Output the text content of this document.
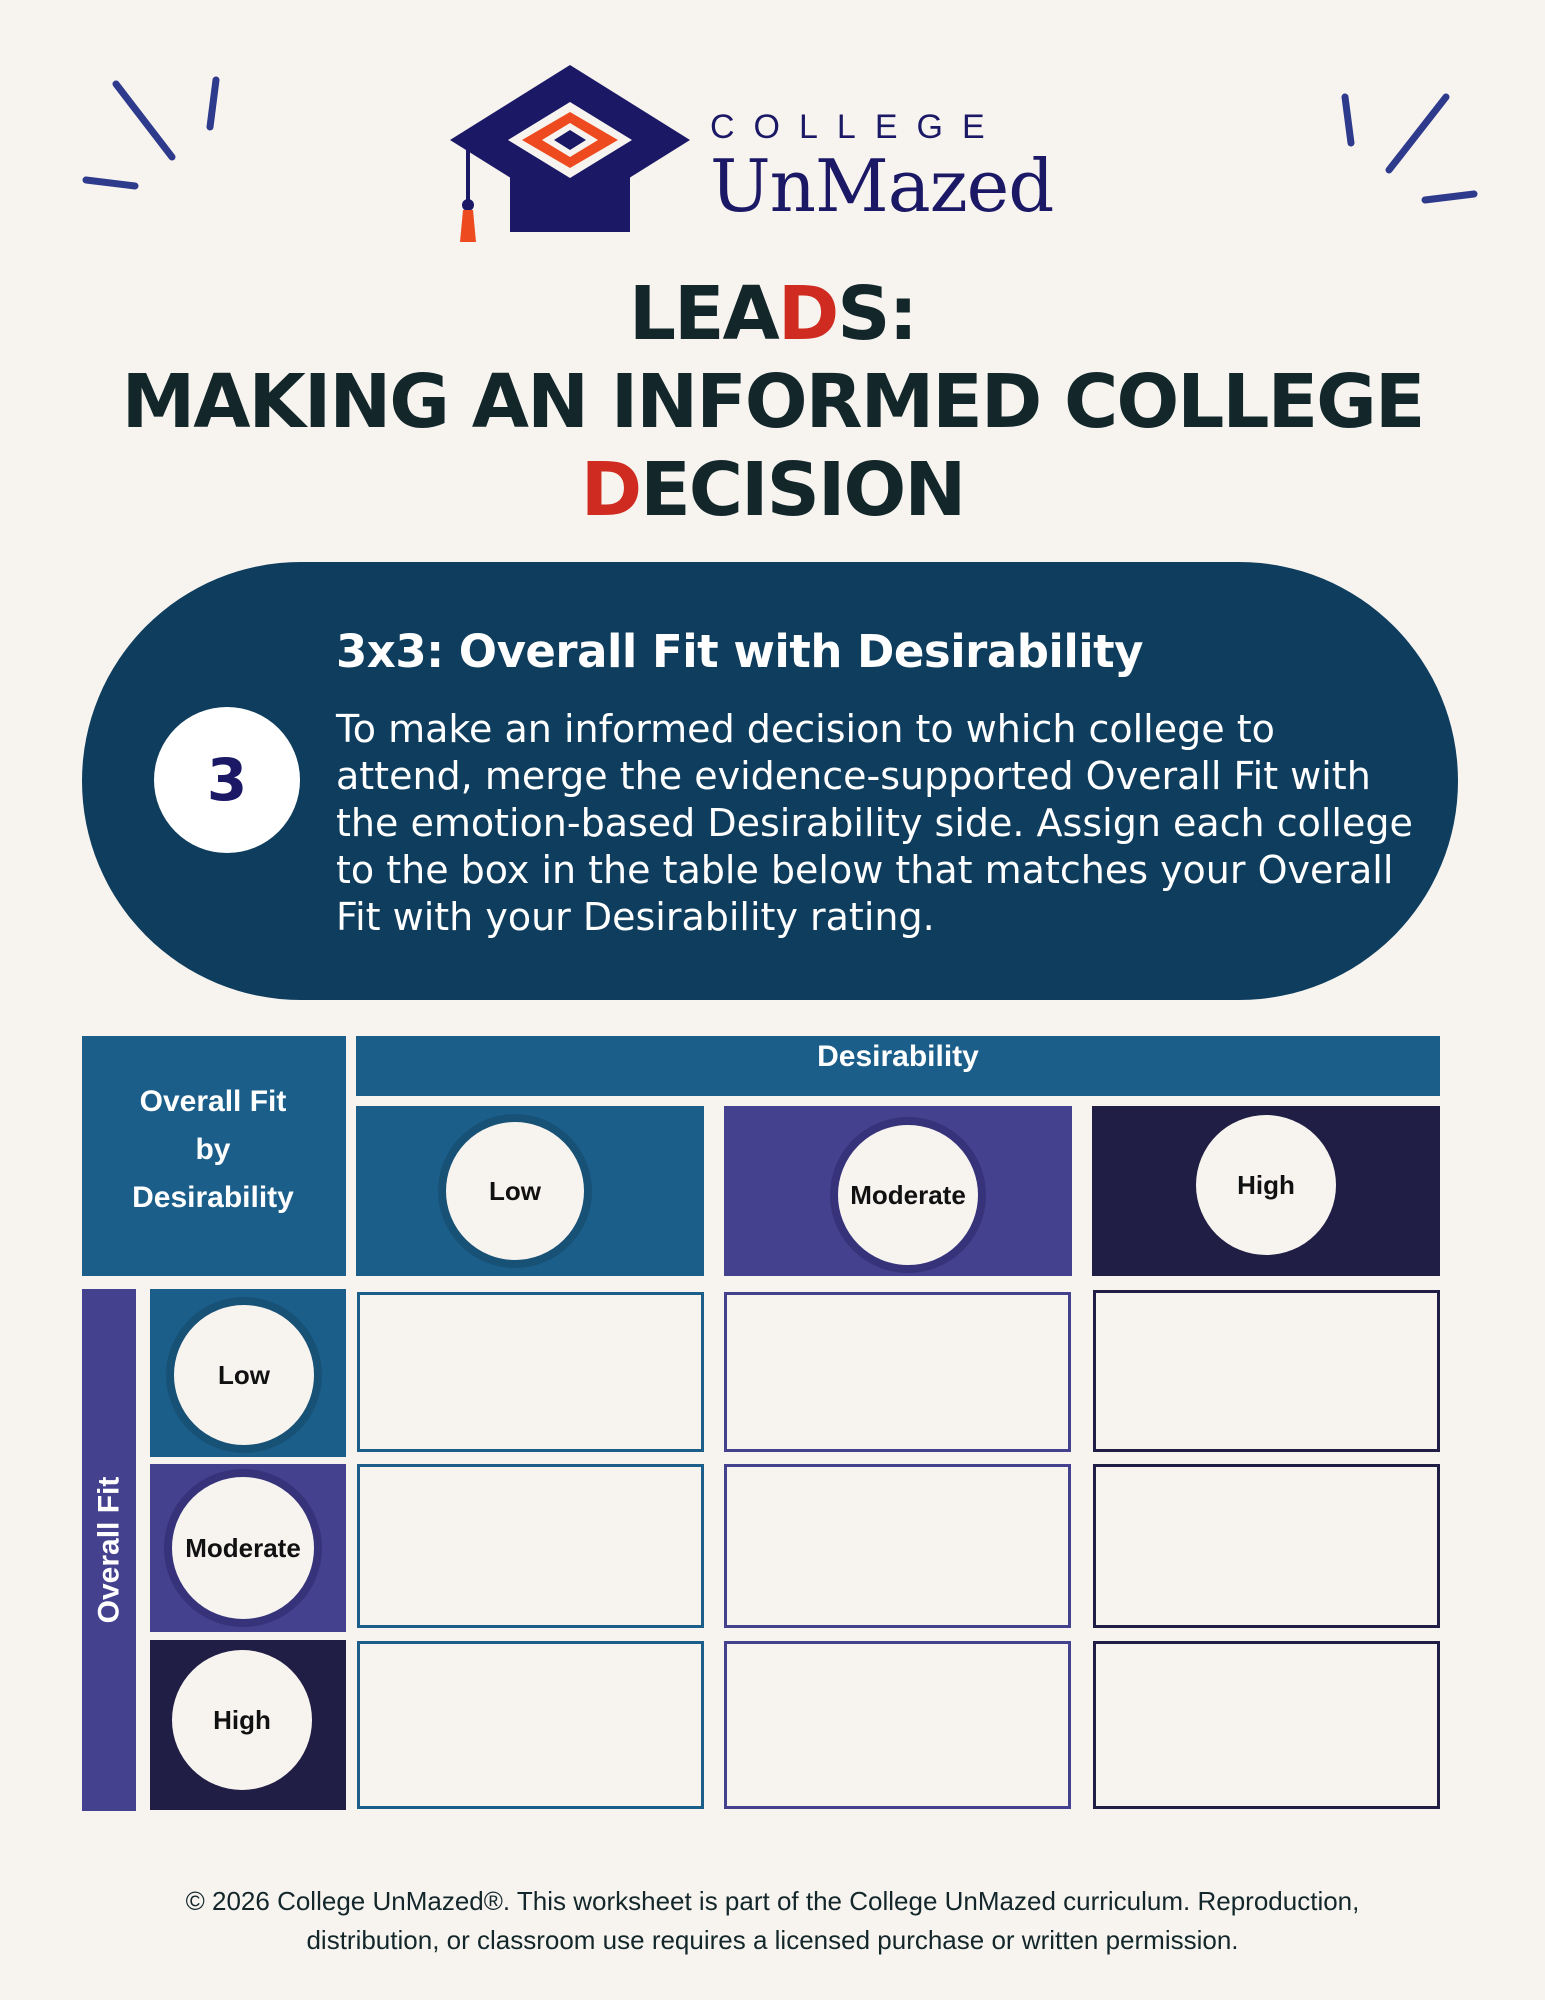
COLLEGE
UnMazed
LEADS:
MAKING AN INFORMED COLLEGE
DECISION
3
3x3: Overall Fit with Desirability
To make an informed decision to which college to attend, merge the evidence-supported Overall Fit with the emotion-based Desirability side. Assign each college to the box in the table below that matches your Overall Fit with your Desirability rating.
Overall Fit
by
Desirability
Desirability
Low	Moderate	High
Overall Fit
Low
Moderate
High
© 2026 College UnMazed®. This worksheet is part of the College UnMazed curriculum. Reproduction,
distribution, or classroom use requires a licensed purchase or written permission.
